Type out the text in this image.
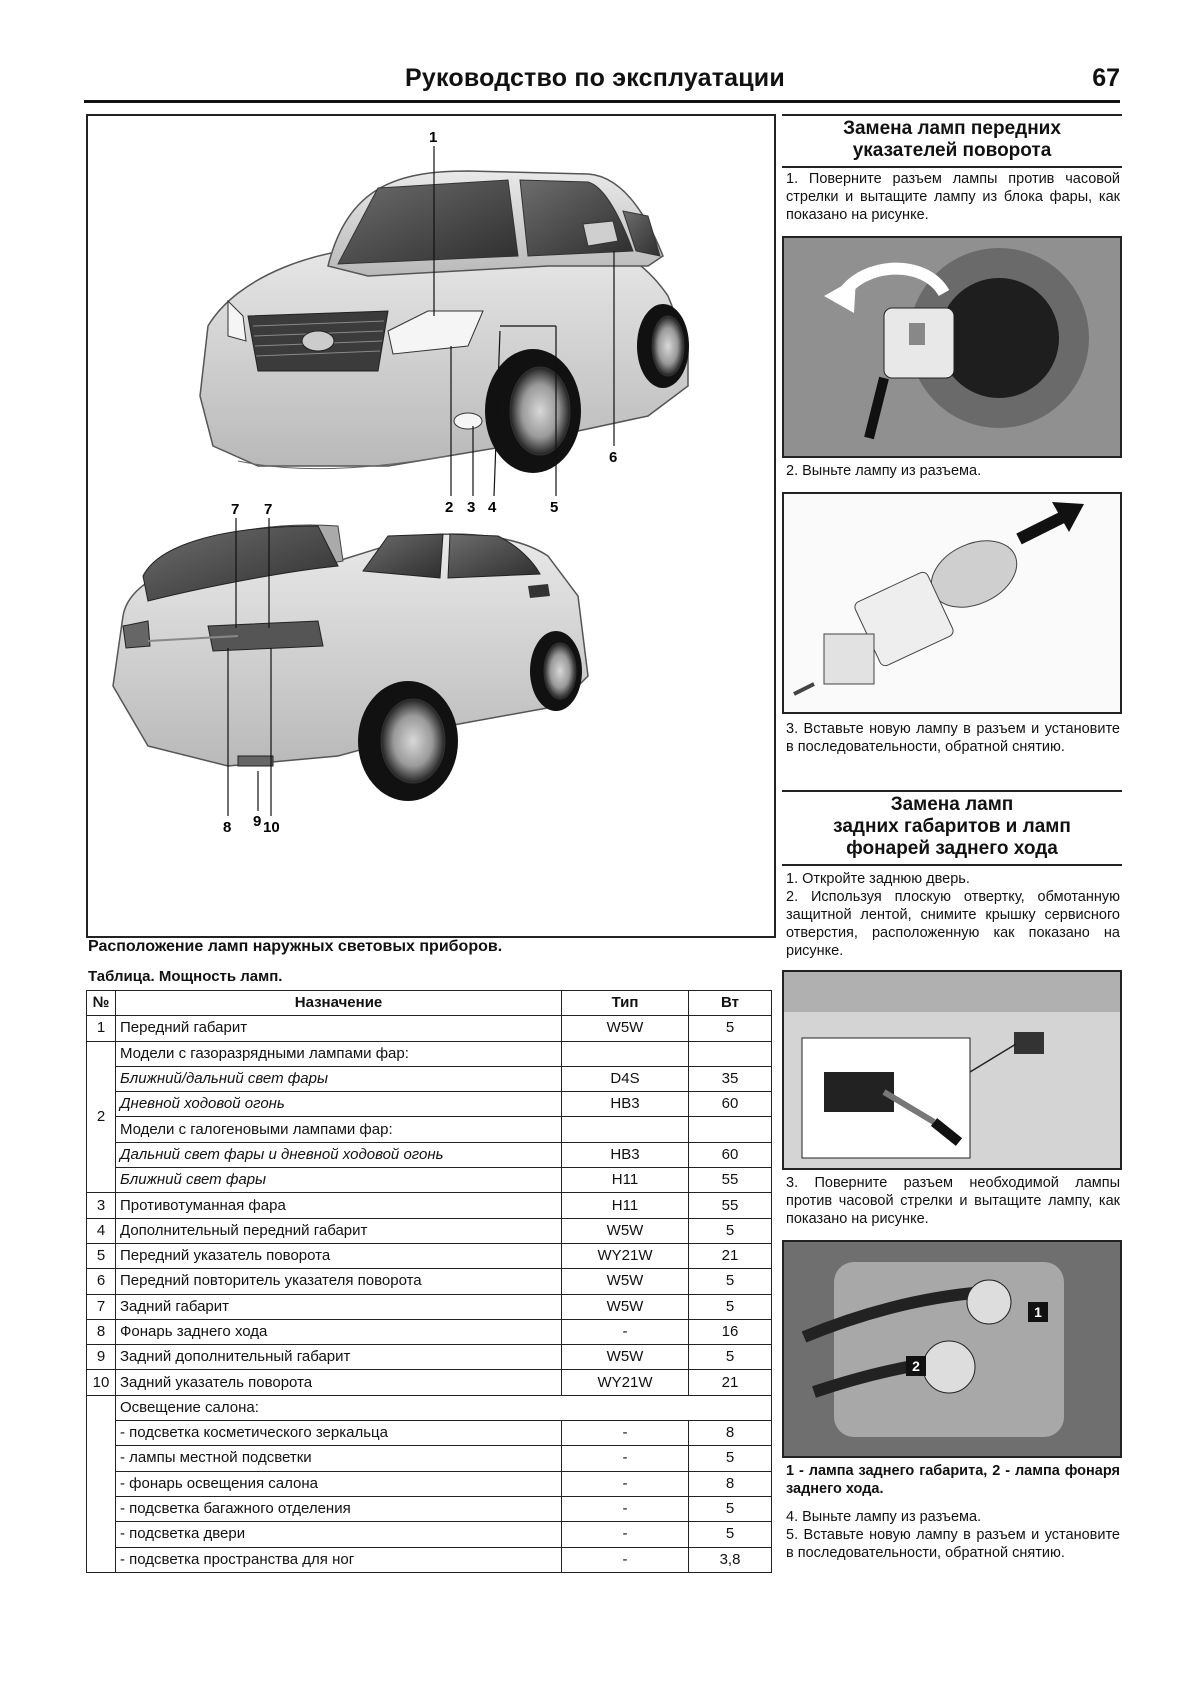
Руководство по эксплуатации	67
1
2 3 4	5
6
7 7
8 9 10
Расположение ламп наружных световых приборов.
Таблица. Мощность ламп.
№	Назначение	Тип	Вт
1	Передний габарит	W5W	5
2	Модели с газоразрядными лампами фар:		
	Ближний/дальний свет фары	D4S	35
	Дневной ходовой огонь	HB3	60
	Модели с галогеновыми лампами фар:		
	Дальний свет фары и дневной ходовой огонь	HB3	60
	Ближний свет фары	H11	55
3	Противотуманная фара	H11	55
4	Дополнительный передний габарит	W5W	5
5	Передний указатель поворота	WY21W	21
6	Передний повторитель указателя поворота	W5W	5
7	Задний габарит	W5W	5
8	Фонарь заднего хода	-	16
9	Задний дополнительный габарит	W5W	5
10	Задний указатель поворота	WY21W	21
	Освещение салона:		
	- подсветка косметического зеркальца	-	8
	- лампы местной подсветки	-	5
	- фонарь освещения салона	-	8
	- подсветка багажного отделения	-	5
	- подсветка двери	-	5
	- подсветка пространства для ног	-	3,8
Замена ламп передних
указателей поворота
1. Поверните разъем лампы против часовой стрелки и вытащите лампу из блока фары, как показано на рисунке.
2. Выньте лампу из разъема.
3. Вставьте новую лампу в разъем и установите в последовательности, обратной снятию.
Замена ламп
задних габаритов и ламп
фонарей заднего хода
1. Откройте заднюю дверь.
2. Используя плоскую отвертку, обмотанную защитной лентой, снимите крышку сервисного отверстия, расположенную как показано на рисунке.
3. Поверните разъем необходимой лампы против часовой стрелки и вытащите лампу, как показано на рисунке.
1
2
1 - лампа заднего габарита, 2 - лампа фонаря заднего хода.
4. Выньте лампу из разъема.
5. Вставьте новую лампу в разъем и установите в последовательности, обратной снятию.
